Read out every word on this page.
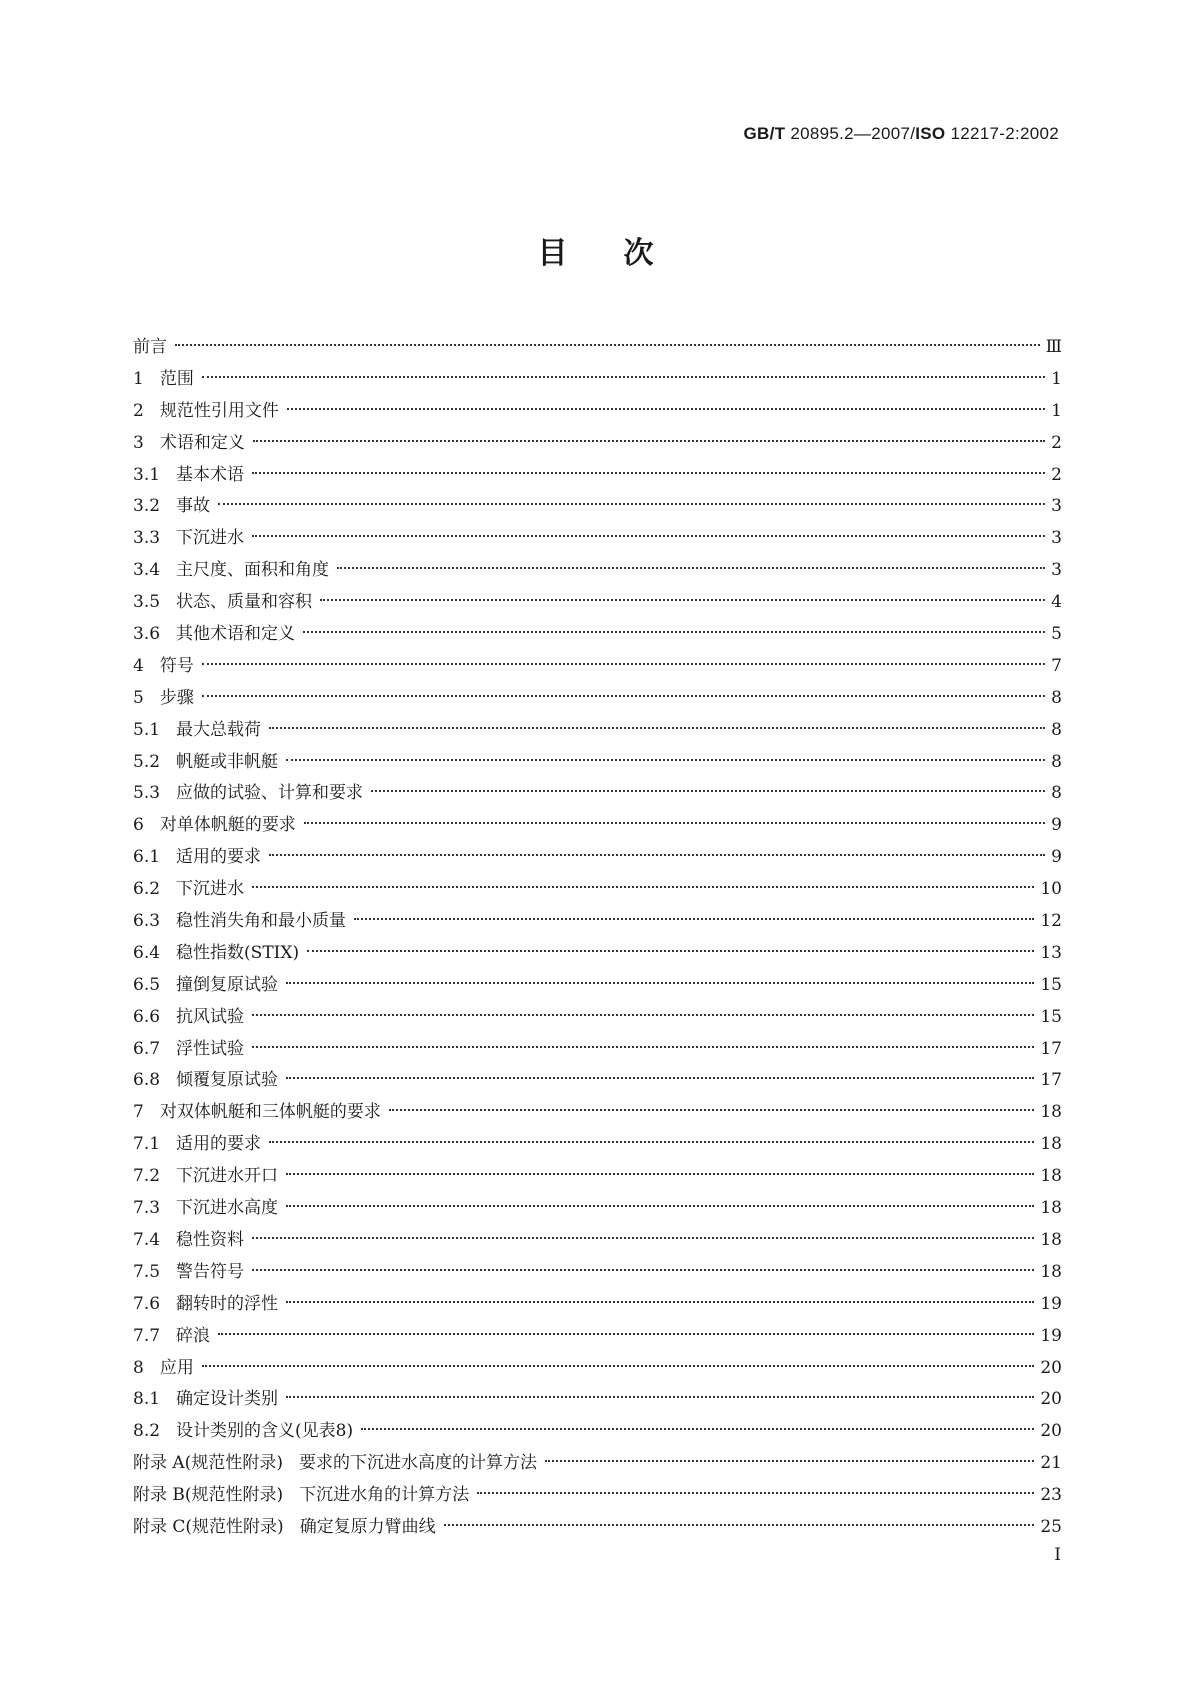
GB/T 20895.2—2007/ISO 12217-2:2002
目次
前言	Ⅲ
1 范围	1
2 规范性引用文件	1
3 术语和定义	2
3.1 基本术语	2
3.2 事故	3
3.3 下沉进水	3
3.4 主尺度、面积和角度	3
3.5 状态、质量和容积	4
3.6 其他术语和定义	5
4 符号	7
5 步骤	8
5.1 最大总载荷	8
5.2 帆艇或非帆艇	8
5.3 应做的试验、计算和要求	8
6 对单体帆艇的要求	9
6.1 适用的要求	9
6.2 下沉进水	10
6.3 稳性消失角和最小质量	12
6.4 稳性指数(STIX)	13
6.5 撞倒复原试验	15
6.6 抗风试验	15
6.7 浮性试验	17
6.8 倾覆复原试验	17
7 对双体帆艇和三体帆艇的要求	18
7.1 适用的要求	18
7.2 下沉进水开口	18
7.3 下沉进水高度	18
7.4 稳性资料	18
7.5 警告符号	18
7.6 翻转时的浮性	19
7.7 碎浪	19
8 应用	20
8.1 确定设计类别	20
8.2 设计类别的含义(见表8)	20
附录 A(规范性附录) 要求的下沉进水高度的计算方法	21
附录 B(规范性附录) 下沉进水角的计算方法	23
附录 C(规范性附录) 确定复原力臂曲线	25
I
